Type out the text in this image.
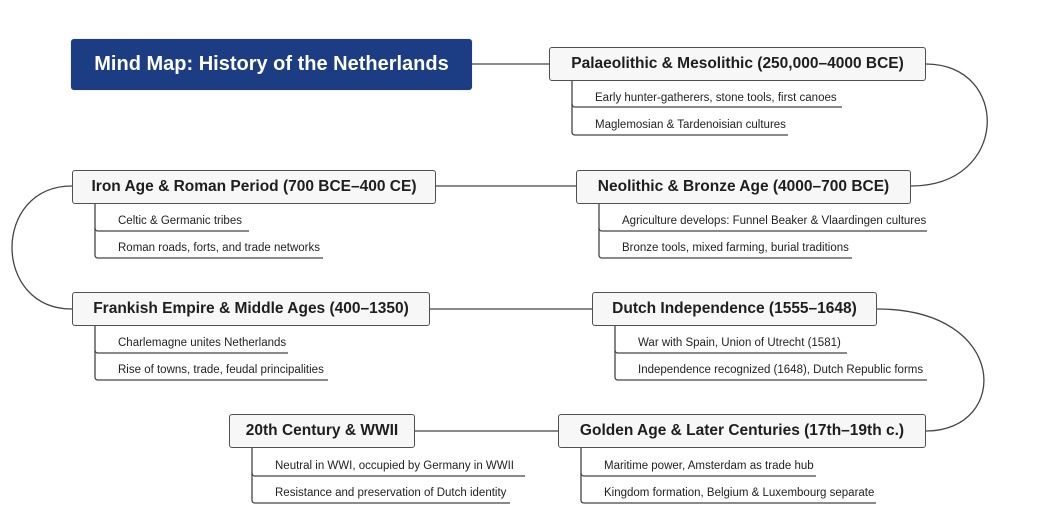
Mind Map: History of the Netherlands	Palaeolithic & Mesolithic (250,000–4000 BCE)
Early hunter-gatherers, stone tools, first canoes
Maglemosian & Tardenoisian cultures
Neolithic & Bronze Age (4000–700 BCE)
Agriculture develops: Funnel Beaker & Vlaardingen cultures
Bronze tools, mixed farming, burial traditions
Iron Age & Roman Period (700 BCE–400 CE)
Celtic & Germanic tribes
Roman roads, forts, and trade networks
Frankish Empire & Middle Ages (400–1350)
Charlemagne unites Netherlands
Rise of towns, trade, feudal principalities
Dutch Independence (1555–1648)
War with Spain, Union of Utrecht (1581)
Independence recognized (1648), Dutch Republic forms
Golden Age & Later Centuries (17th–19th c.)
Maritime power, Amsterdam as trade hub
Kingdom formation, Belgium & Luxembourg separate
20th Century & WWII
Neutral in WWI, occupied by Germany in WWII
Resistance and preservation of Dutch identity
